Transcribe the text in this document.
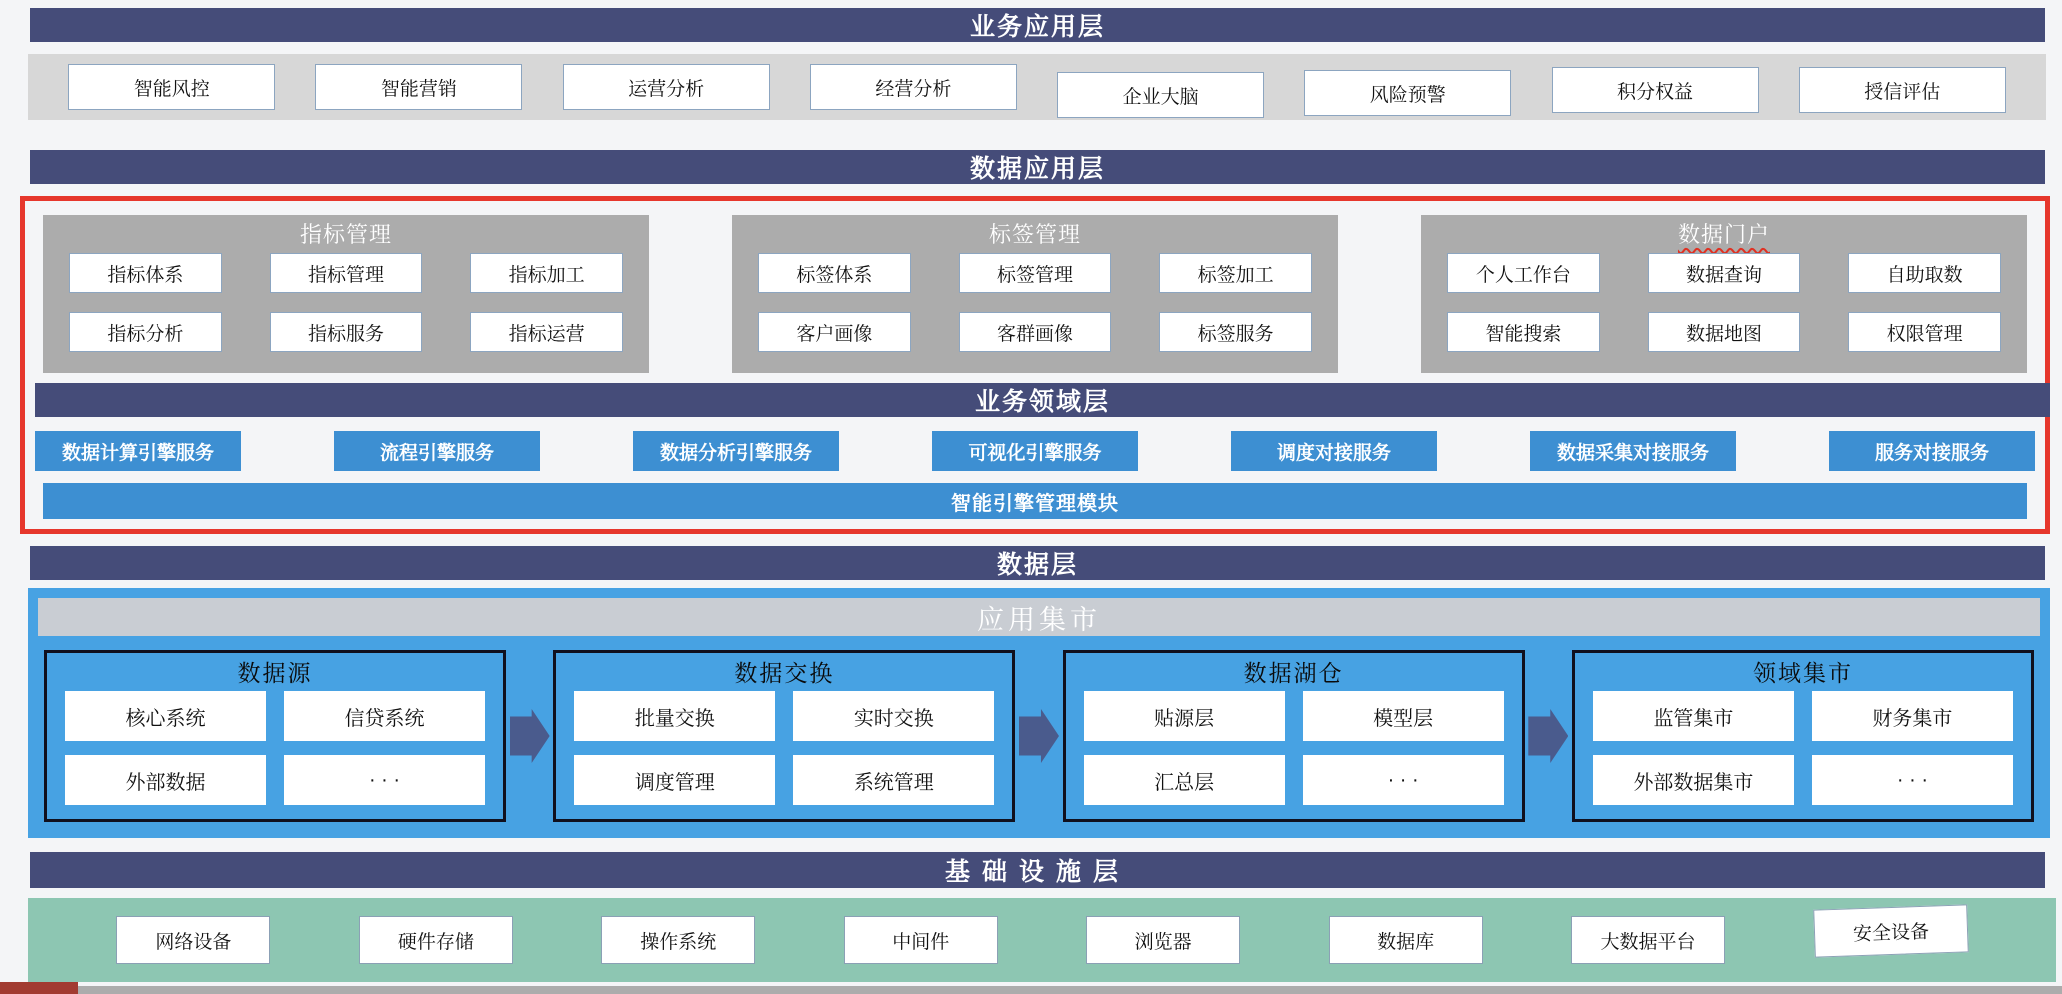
业务应用层
智能风控	智能营销	运营分析	经营分析	企业大脑	风险预警	积分权益	授信评估
数据应用层
指标管理
指标体系	指标管理	指标加工
指标分析	指标服务	指标运营
标签管理
标签体系	标签管理	标签加工
客户画像	客群画像	标签服务
数据门户
个人工作台	数据查询	自助取数
智能搜索	数据地图	权限管理
业务领域层
数据计算引擎服务	流程引擎服务	数据分析引擎服务	可视化引擎服务	调度对接服务	数据采集对接服务	服务对接服务
智能引擎管理模块
数据层
应用集市
数据源
核心系统	信贷系统
外部数据	· · ·
数据交换
批量交换	实时交换
调度管理	系统管理
数据湖仓
贴源层	模型层
汇总层	· · ·
领域集市
监管集市	财务集市
外部数据集市	· · ·
基础设施层
网络设备	硬件存储	操作系统	中间件	浏览器	数据库	大数据平台	安全设备
